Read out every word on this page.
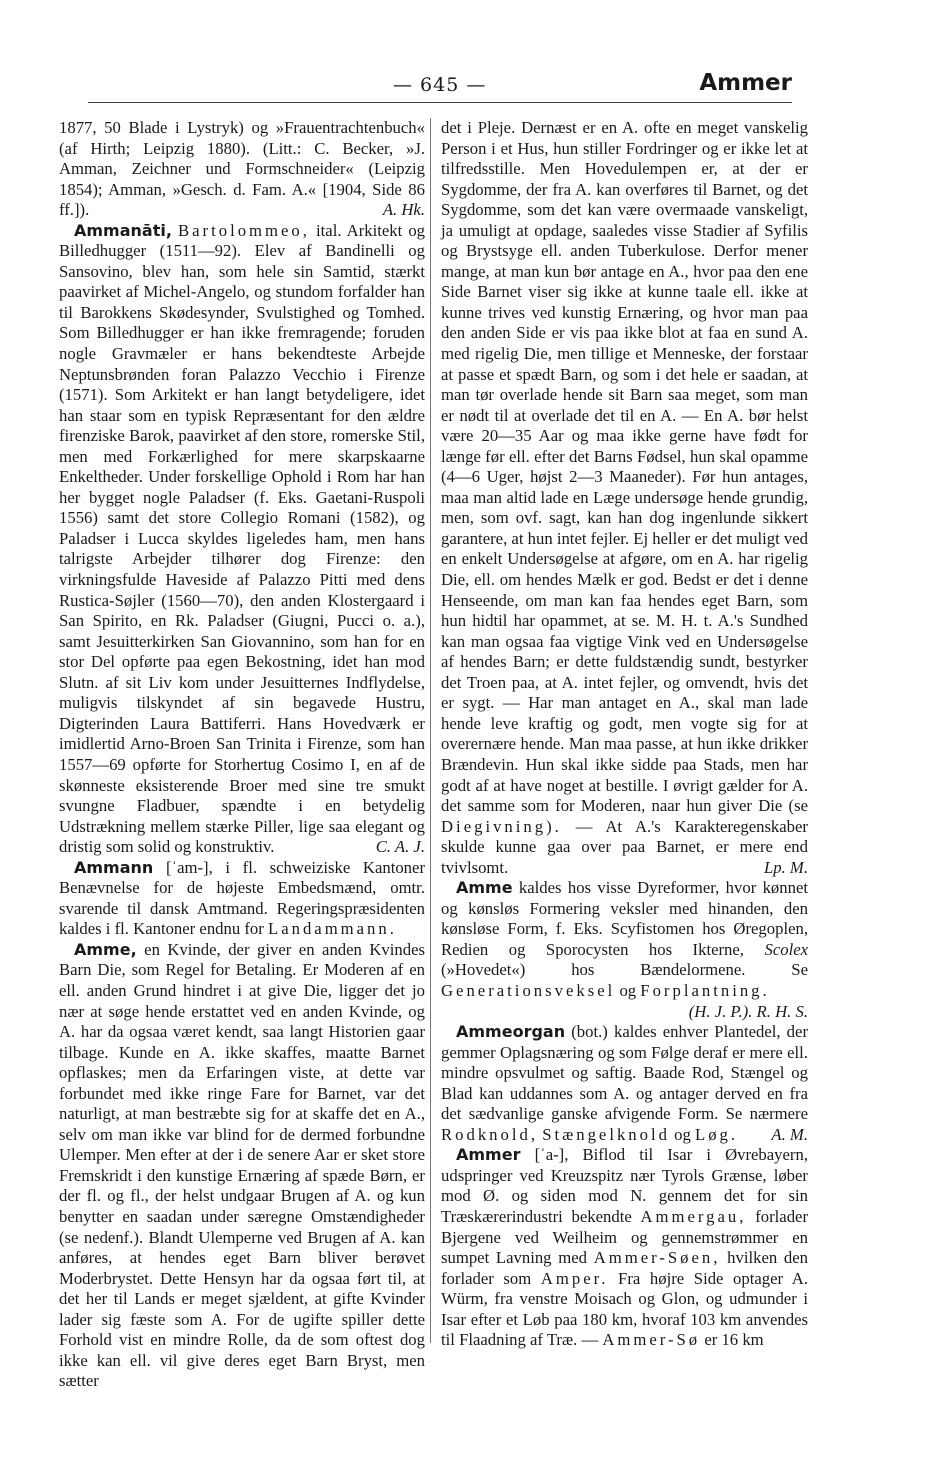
— 645 —	Ammer

1877, 50 Blade i Lystryk) og »Frauentrachtenbuch« (af Hirth; Leipzig 1880). (Litt.: C. Becker, »J. Amman, Zeichner und Formschneider« (Leipzig 1854); Amman, »Gesch. d. Fam. A.« [1904, Side 86 ff.]).	A. Hk.

Ammanāti, Bartolommeo, ital. Arkitekt og Billedhugger (1511—92). Elev af Bandinelli og Sansovino, blev han, som hele sin Samtid, stærkt paavirket af Michel-Angelo, og stundom forfalder han til Barokkens Skødesynder, Svulstighed og Tomhed. Som Billedhugger er han ikke fremragende; foruden nogle Gravmæler er hans bekendteste Arbejde Neptunsbrønden foran Palazzo Vecchio i Firenze (1571). Som Arkitekt er han langt betydeligere, idet han staar som en typisk Repræsentant for den ældre firenziske Barok, paavirket af den store, romerske Stil, men med Forkærlighed for mere skarpskaarne Enkeltheder. Under forskellige Ophold i Rom har han her bygget nogle Paladser (f. Eks. Gaetani-Ruspoli 1556) samt det store Collegio Romani (1582), og Paladser i Lucca skyldes ligeledes ham, men hans talrigste Arbejder tilhører dog Firenze: den virkningsfulde Haveside af Palazzo Pitti med dens Rustica-Søjler (1560—70), den anden Klostergaard i San Spirito, en Rk. Paladser (Giugni, Pucci o. a.), samt Jesuitterkirken San Giovannino, som han for en stor Del opførte paa egen Bekostning, idet han mod Slutn. af sit Liv kom under Jesuitternes Indflydelse, muligvis tilskyndet af sin begavede Hustru, Digterinden Laura Battiferri. Hans Hovedværk er imidlertid Arno-Broen San Trinita i Firenze, som han 1557—69 opførte for Storhertug Cosimo I, en af de skønneste eksisterende Broer med sine tre smukt svungne Fladbuer, spændte i en betydelig Udstrækning mellem stærke Piller, lige saa elegant og dristig som solid og konstruktiv.	C. A. J.

Ammann [ˈam-], i fl. schweiziske Kantoner Benævnelse for de højeste Embedsmænd, omtr. svarende til dansk Amtmand. Regeringspræsidenten kaldes i fl. Kantoner endnu for Landammann.

Amme, en Kvinde, der giver en anden Kvindes Barn Die, som Regel for Betaling. Er Moderen af en ell. anden Grund hindret i at give Die, ligger det jo nær at søge hende erstattet ved en anden Kvinde, og A. har da ogsaa været kendt, saa langt Historien gaar tilbage. Kunde en A. ikke skaffes, maatte Barnet opflaskes; men da Erfaringen viste, at dette var forbundet med ikke ringe Fare for Barnet, var det naturligt, at man bestræbte sig for at skaffe det en A., selv om man ikke var blind for de dermed forbundne Ulemper. Men efter at der i de senere Aar er sket store Fremskridt i den kunstige Ernæring af spæde Børn, er der fl. og fl., der helst undgaar Brugen af A. og kun benytter en saadan under særegne Omstændigheder (se nedenf.). Blandt Ulemperne ved Brugen af A. kan anføres, at hendes eget Barn bliver berøvet Moderbrystet. Dette Hensyn har da ogsaa ført til, at det her til Lands er meget sjældent, at gifte Kvinder lader sig fæste som A. For de ugifte spiller dette Forhold vist en mindre Rolle, da de som oftest dog ikke kan ell. vil give deres eget Barn Bryst, men sætter

det i Pleje. Dernæst er en A. ofte en meget vanskelig Person i et Hus, hun stiller Fordringer og er ikke let at tilfredsstille. Men Hovedulempen er, at der er Sygdomme, der fra A. kan overføres til Barnet, og det Sygdomme, som det kan være overmaade vanskeligt, ja umuligt at opdage, saaledes visse Stadier af Syfilis og Brystsyge ell. anden Tuberkulose. Derfor mener mange, at man kun bør antage en A., hvor paa den ene Side Barnet viser sig ikke at kunne taale ell. ikke at kunne trives ved kunstig Ernæring, og hvor man paa den anden Side er vis paa ikke blot at faa en sund A. med rigelig Die, men tillige et Menneske, der forstaar at passe et spædt Barn, og som i det hele er saadan, at man tør overlade hende sit Barn saa meget, som man er nødt til at overlade det til en A. — En A. bør helst være 20—35 Aar og maa ikke gerne have født for længe før ell. efter det Barns Fødsel, hun skal opamme (4—6 Uger, højst 2—3 Maaneder). Før hun antages, maa man altid lade en Læge undersøge hende grundig, men, som ovf. sagt, kan han dog ingenlunde sikkert garantere, at hun intet fejler. Ej heller er det muligt ved en enkelt Undersøgelse at afgøre, om en A. har rigelig Die, ell. om hendes Mælk er god. Bedst er det i denne Henseende, om man kan faa hendes eget Barn, som hun hidtil har opammet, at se. M. H. t. A.'s Sundhed kan man ogsaa faa vigtige Vink ved en Undersøgelse af hendes Barn; er dette fuldstændig sundt, bestyrker det Troen paa, at A. intet fejler, og omvendt, hvis det er sygt. — Har man antaget en A., skal man lade hende leve kraftig og godt, men vogte sig for at overernære hende. Man maa passe, at hun ikke drikker Brændevin. Hun skal ikke sidde paa Stads, men har godt af at have noget at bestille. I øvrigt gælder for A. det samme som for Moderen, naar hun giver Die (se Diegivning). — At A.'s Karakteregenskaber skulde kunne gaa over paa Barnet, er mere end tvivlsomt.	Lp. M.

Amme kaldes hos visse Dyreformer, hvor kønnet og kønsløs Formering veksler med hinanden, den kønsløse Form, f. Eks. Scyfistomen hos Øregoplen, Redien og Sporocysten hos Ikterne, Scolex (»Hovedet«) hos Bændelormene. Se Generationsveksel og Forplantning.
(H. J. P.). R. H. S.

Ammeorgan (bot.) kaldes enhver Plantedel, der gemmer Oplagsnæring og som Følge deraf er mere ell. mindre opsvulmet og saftig. Baade Rod, Stængel og Blad kan uddannes som A. og antager derved en fra det sædvanlige ganske afvigende Form. Se nærmere Rodknold, Stængelknold og Løg.	A. M.

Ammer [ˈa-], Biflod til Isar i Øvrebayern, udspringer ved Kreuzspitz nær Tyrols Grænse, løber mod Ø. og siden mod N. gennem det for sin Træskærerindustri bekendte Ammergau, forlader Bjergene ved Weilheim og gennemstrømmer en sumpet Lavning med Ammer-Søen, hvilken den forlader som Amper. Fra højre Side optager A. Würm, fra venstre Moisach og Glon, og udmunder i Isar efter et Løb paa 180 km, hvoraf 103 km anvendes til Flaadning af Træ. — Ammer-Sø er 16 km
